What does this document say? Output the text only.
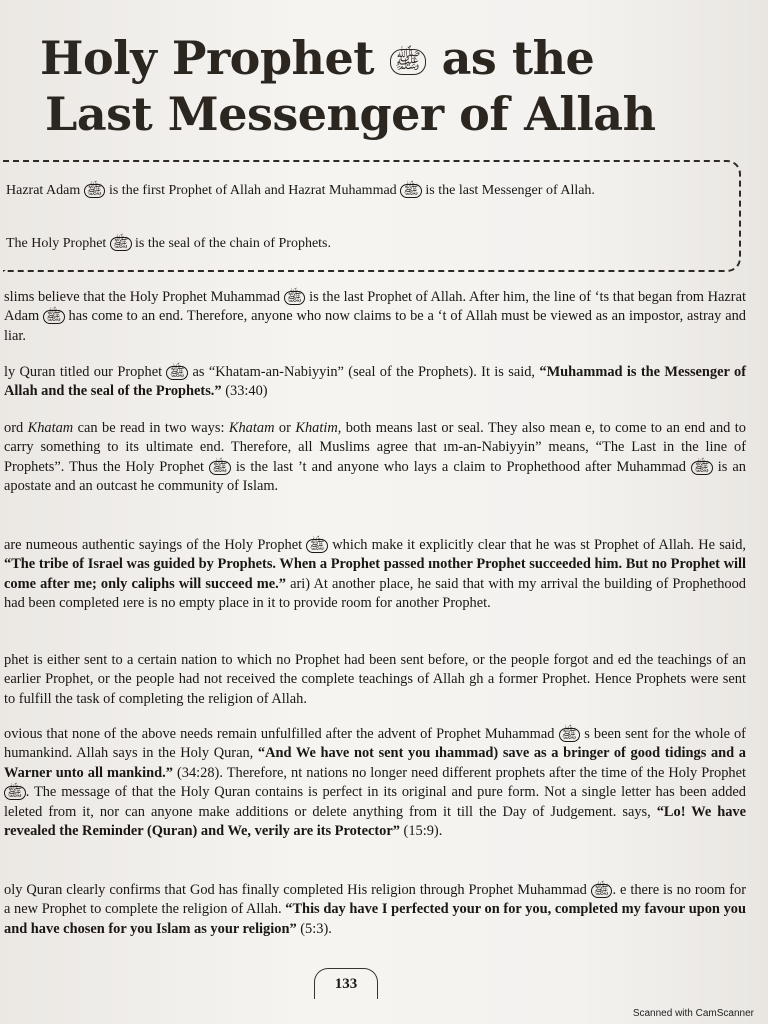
Holy Prophet ﷺ as the
Last Messenger of Allah
Hazrat Adam ﷺ is the first Prophet of Allah and Hazrat Muhammad ﷺ is the last Messenger of Allah.
The Holy Prophet ﷺ is the seal of the chain of Prophets.

slims believe that the Holy Prophet Muhammad ﷺ is the last Prophet of Allah. After him, the line of ‘ts that began from Hazrat Adam ﷺ has come to an end. Therefore, anyone who now claims to be a ‘t of Allah must be viewed as an impostor, astray and liar.

ly Quran titled our Prophet ﷺ as “Khatam-an-Nabiyyin” (seal of the Prophets). It is said, “Muhammad is the Messenger of Allah and the seal of the Prophets.” (33:40)

ord Khatam can be read in two ways: Khatam or Khatim, both means last or seal. They also mean e, to come to an end and to carry something to its ultimate end. Therefore, all Muslims agree that ım-an-Nabiyyin” means, “The Last in the line of Prophets”. Thus the Holy Prophet ﷺ is the last ’t and anyone who lays a claim to Prophethood after Muhammad ﷺ is an apostate and an outcast he community of Islam.

are numeous authentic sayings of the Holy Prophet ﷺ which make it explicitly clear that he was st Prophet of Allah. He said, “The tribe of Israel was guided by Prophets. When a Prophet passed ınother Prophet succeeded him. But no Prophet will come after me; only caliphs will succeed me.” ari) At another place, he said that with my arrival the building of Prophethood had been completed ıere is no empty place in it to provide room for another Prophet.

phet is either sent to a certain nation to which no Prophet had been sent before, or the people forgot and ed the teachings of an earlier Prophet, or the people had not received the complete teachings of Allah gh a former Prophet. Hence Prophets were sent to fulfill the task of completing the religion of Allah.

ovious that none of the above needs remain unfulfilled after the advent of Prophet Muhammad ﷺ s been sent for the whole of humankind. Allah says in the Holy Quran, “And We have not sent you ıhammad) save as a bringer of good tidings and a Warner unto all mankind.” (34:28). Therefore, nt nations no longer need different prophets after the time of the Holy Prophet ﷺ . The message of that the Holy Quran contains is perfect in its original and pure form. Not a single letter has been added leleted from it, nor can anyone make additions or delete anything from it till the Day of Judgement. says, “Lo! We have revealed the Reminder (Quran) and We, verily are its Protector” (15:9).

oly Quran clearly confirms that God has finally completed His religion through Prophet Muhammad ﷺ . e there is no room for a new Prophet to complete the religion of Allah. “This day have I perfected your on for you, completed my favour upon you and have chosen for you Islam as your religion” (5:3).

133
Scanned with CamScanner
